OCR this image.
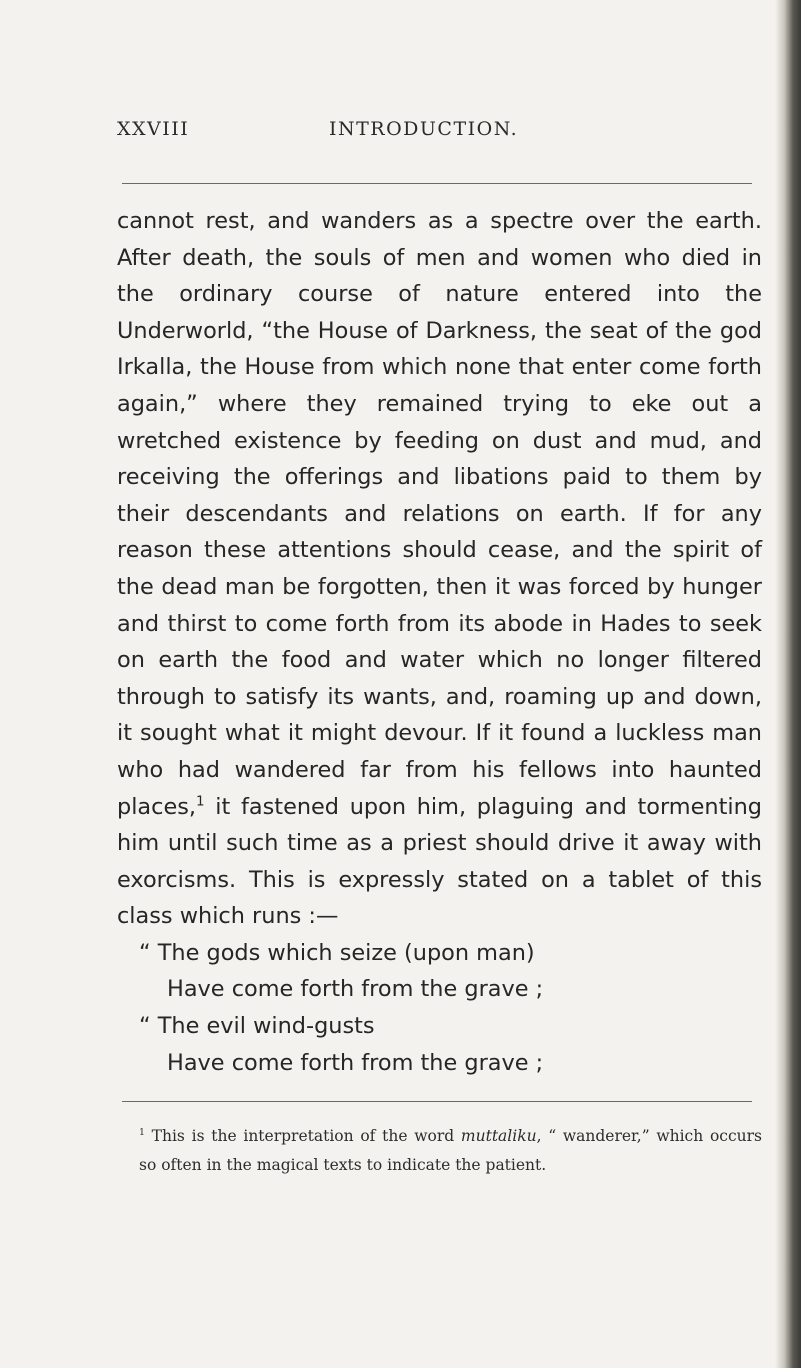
XXVIII	INTRODUCTION.

cannot rest, and wanders as a spectre over the earth. After death, the souls of men and women who died in the ordinary course of nature entered into the Underworld, “the House of Darkness, the seat of the god Irkalla, the House from which none that enter come forth again,” where they remained trying to eke out a wretched existence by feeding on dust and mud, and receiving the offerings and libations paid to them by their descendants and relations on earth. If for any reason these attentions should cease, and the spirit of the dead man be forgotten, then it was forced by hunger and thirst to come forth from its abode in Hades to seek on earth the food and water which no longer filtered through to satisfy its wants, and, roaming up and down, it sought what it might devour. If it found a luckless man who had wandered far from his fellows into haunted places,$^1$ it fastened upon him, plaguing and tormenting him until such time as a priest should drive it away with exorcisms. This is expressly stated on a tablet of this class which runs :—

“ The gods which seize (upon man)
Have come forth from the grave ;
“ The evil wind-gusts
Have come forth from the grave ;

$^1$ This is the interpretation of the word muttaliku, “ wanderer,” which occurs so often in the magical texts to indicate the patient.
